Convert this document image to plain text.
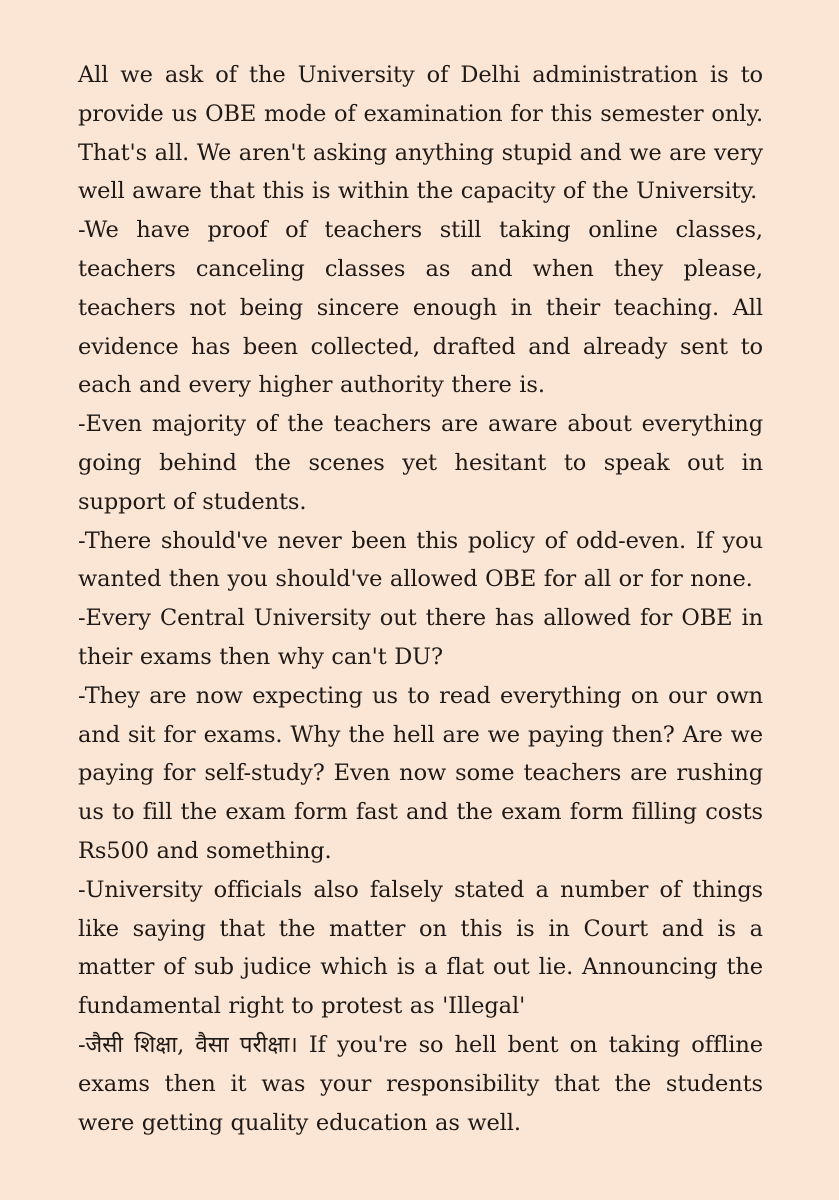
All we ask of the University of Delhi administration is to provide us OBE mode of examination for this semester only. That's all. We aren't asking anything stupid and we are very well aware that this is within the capacity of the University.

-We have proof of teachers still taking online classes, teachers canceling classes as and when they please, teachers not being sincere enough in their teaching. All evidence has been collected, drafted and already sent to each and every higher authority there is.

-Even majority of the teachers are aware about everything going behind the scenes yet hesitant to speak out in support of students.

-There should've never been this policy of odd-even. If you wanted then you should've allowed OBE for all or for none.

-Every Central University out there has allowed for OBE in their exams then why can't DU?

-They are now expecting us to read everything on our own and sit for exams. Why the hell are we paying then? Are we paying for self-study? Even now some teachers are rushing us to fill the exam form fast and the exam form filling costs Rs500 and something.

-University officials also falsely stated a number of things like saying that the matter on this is in Court and is a matter of sub judice which is a flat out lie. Announcing the fundamental right to protest as 'Illegal'

-जैसी शिक्षा, वैसा परीक्षा। If you're so hell bent on taking offline exams then it was your responsibility that the students were getting quality education as well.
